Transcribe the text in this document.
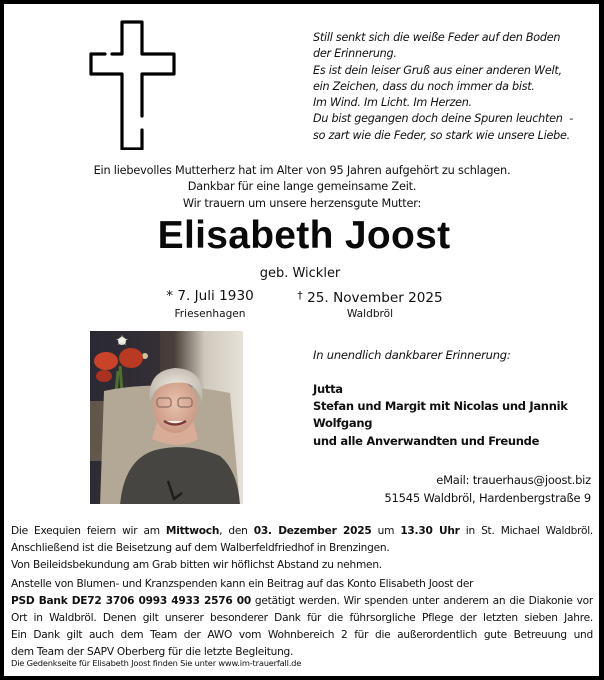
Still senkt sich die weiße Feder auf den Boden
der Erinnerung.
Es ist dein leiser Gruß aus einer anderen Welt,
ein Zeichen, dass du noch immer da bist.
Im Wind. Im Licht. Im Herzen.
Du bist gegangen doch deine Spuren leuchten  -
so zart wie die Feder, so stark wie unsere Liebe.
Ein liebevolles Mutterherz hat im Alter von 95 Jahren aufgehört zu schlagen.
Dankbar für eine lange gemeinsame Zeit.
Wir trauern um unsere herzensgute Mutter:
Elisabeth Joost
geb. Wickler
* 7. Juli 1930	† 25. November 2025
Friesenhagen	Waldbröl
In unendlich dankbarer Erinnerung:
Jutta
Stefan und Margit mit Nicolas und Jannik
Wolfgang
und alle Anverwandten und Freunde
eMail: trauerhaus@joost.biz
51545 Waldbröl, Hardenbergstraße 9
Die Exequien feiern wir am Mittwoch, den 03. Dezember 2025 um 13.30 Uhr in St. Michael Waldbröl.
Anschließend ist die Beisetzung auf dem Walberfeldfriedhof in Brenzingen.
Von Beileidsbekundung am Grab bitten wir höflichst Abstand zu nehmen.
Anstelle von Blumen- und Kranzspenden kann ein Beitrag auf das Konto Elisabeth Joost der
PSD Bank DE72 3706 0993 4933 2576 00 getätigt werden. Wir spenden unter anderem an die Diakonie vor
Ort in Waldbröl. Denen gilt unserer besonderer Dank für die führsorgliche Pflege der letzten sieben Jahre.
Ein Dank gilt auch dem Team der AWO vom Wohnbereich 2 für die außerordentlich gute Betreuung und
dem Team der SAPV Oberberg für die letzte Begleitung.
Die Gedenkseite für Elisabeth Joost finden Sie unter www.im-trauerfall.de
